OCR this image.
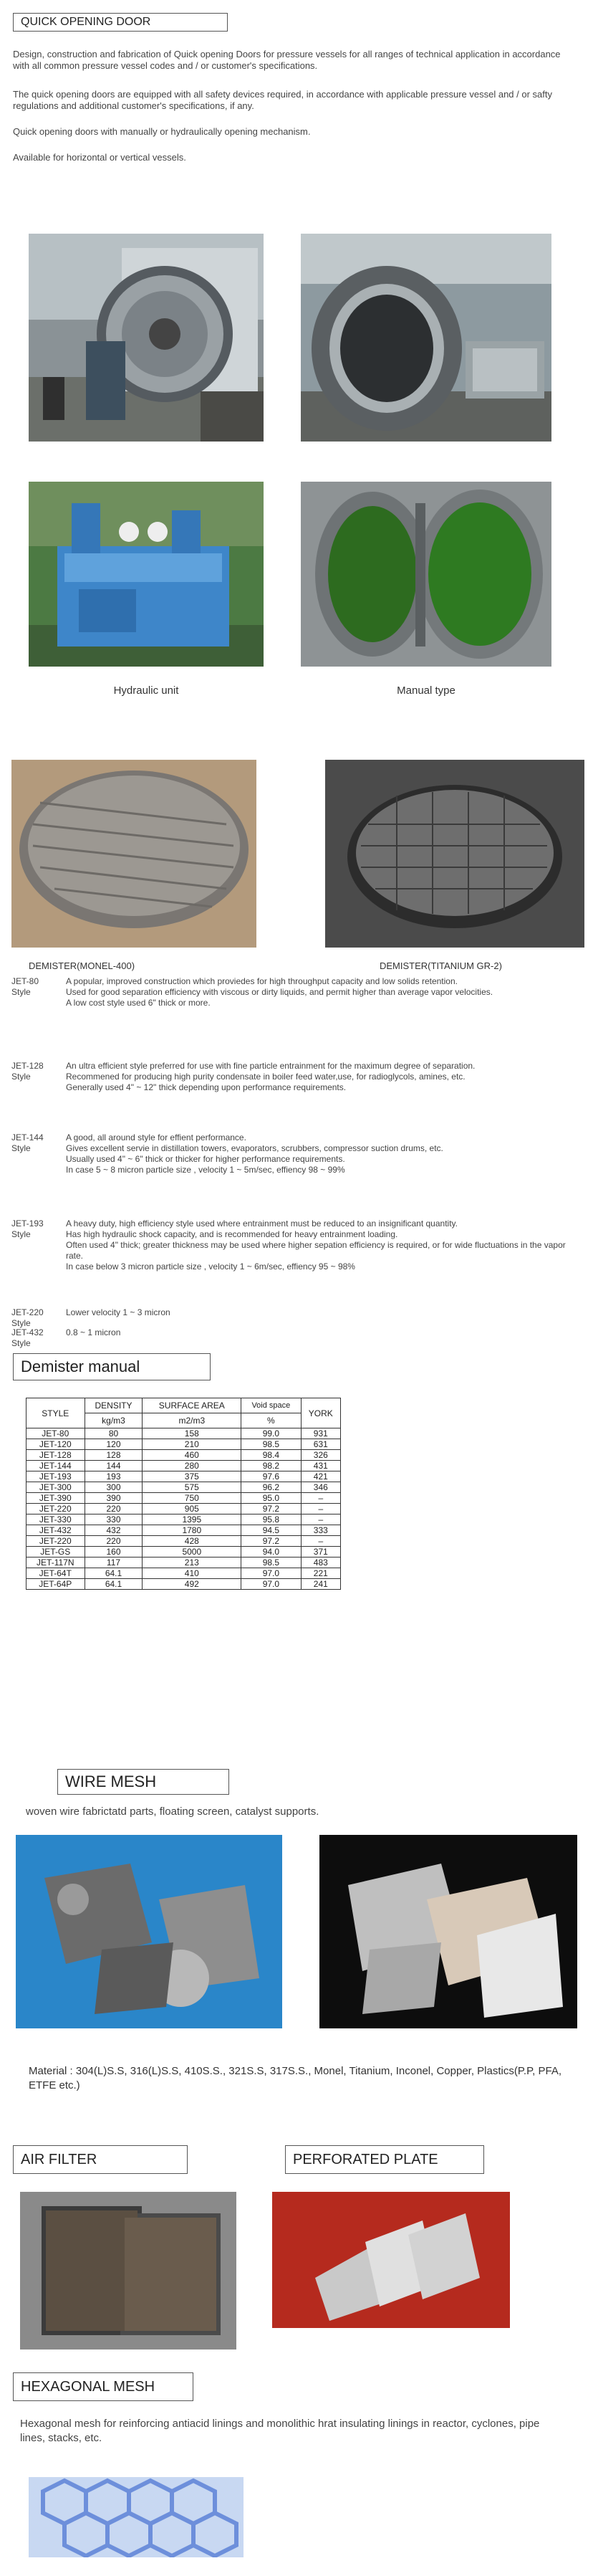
QUICK OPENING DOOR
Design, construction and fabrication of Quick opening Doors for pressure vessels for all ranges of technical application in accordance with all common pressure vessel codes and / or customer's specifications.
The quick opening doors are equipped with all safety devices required, in accordance with applicable pressure vessel and / or safty regulations and additional customer's specifications, if any.
Quick opening doors with manually or hydraulically opening mechanism.
Available for horizontal or vertical vessels.
Hydraulic unit	Manual type
DEMISTER(MONEL-400)	DEMISTER(TITANIUM GR-2)
JET-80
Style
A popular, improved construction which proviedes for high throughput capacity and low solids retention.
Used for good separation efficiency with viscous or dirty liquids, and permit higher than average vapor velocities.
A low cost style used 6" thick or more.
JET-128
Style
An ultra efficient style preferred for use with fine particle entrainment for the maximum degree of separation.
Recommened for producing high purity condensate in boiler feed water,use, for radioglycols, amines, etc.
Generally used 4" ~ 12" thick depending upon performance requirements.
JET-144
Style
A good, all around style for effient performance.
Gives excellent servie in distillation towers, evaporators, scrubbers, compressor suction drums, etc.
Usually used 4" ~ 6" thick or thicker for higher performance requirements.
In case 5 ~ 8 micron particle size , velocity 1 ~ 5m/sec, effiency 98 ~ 99%
JET-193
Style
A heavy duty, high efficiency style used where entrainment must be reduced to an insignificant quantity.
Has high hydraulic shock capacity, and is recommended for heavy entrainment loading.
Often used 4" thick; greater thickness may be used where higher sepation efficiency is required, or for wide fluctuations in the vapor rate.
In case below 3 micron particle size , velocity 1 ~ 6m/sec, effiency 95 ~ 98%
JET-220
Style
Lower velocity 1 ~ 3 micron
JET-432
Style
0.8 ~ 1 micron
Demister manual
STYLE	DENSITY	SURFACE AREA	Void space	YORK
	kg/m3	m2/m3	%	
JET-80	80	158	99.0	931
JET-120	120	210	98.5	631
JET-128	128	460	98.4	326
JET-144	144	280	98.2	431
JET-193	193	375	97.6	421
JET-300	300	575	96.2	346
JET-390	390	750	95.0	–
JET-220	220	905	97.2	–
JET-330	330	1395	95.8	–
JET-432	432	1780	94.5	333
JET-220	220	428	97.2	–
JET-GS	160	5000	94.0	371
JET-117N	117	213	98.5	483
JET-64T	64.1	410	97.0	221
JET-64P	64.1	492	97.0	241
WIRE MESH
woven wire fabrictatd parts, floating screen, catalyst supports.
Material : 304(L)S.S, 316(L)S.S, 410S.S., 321S.S, 317S.S., Monel, Titanium, Inconel, Copper, Plastics(P.P, PFA, ETFE etc.)
AIR FILTER	PERFORATED PLATE
HEXAGONAL MESH
Hexagonal mesh for reinforcing antiacid linings and monolithic hrat insulating linings in reactor, cyclones, pipe lines, stacks, etc.
